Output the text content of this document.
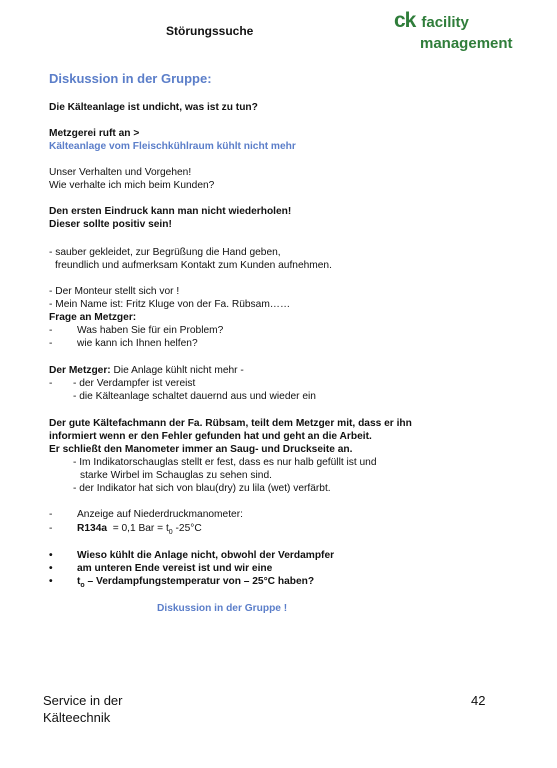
Störungssuche	ck facility
management
Diskussion in der Gruppe:
Die Kälteanlage ist undicht, was ist zu tun?
Metzgerei ruft an >
Kälteanlage vom Fleischkühlraum kühlt nicht mehr
Unser Verhalten und Vorgehen!
Wie verhalte ich mich beim Kunden?
Den ersten Eindruck kann man nicht wiederholen!
Dieser sollte positiv sein!
- sauber gekleidet, zur Begrüßung die Hand geben,
freundlich und aufmerksam Kontakt zum Kunden aufnehmen.
- Der Monteur stellt sich vor !
- Mein Name ist: Fritz Kluge von der Fa. Rübsam……
Frage an Metzger:
- Was haben Sie für ein Problem?
- wie kann ich Ihnen helfen?
Der Metzger: Die Anlage kühlt nicht mehr -
- - der Verdampfer ist vereist
- die Kälteanlage schaltet dauernd aus und wieder ein
Der gute Kältefachmann der Fa. Rübsam, teilt dem Metzger mit, dass er ihn
informiert wenn er den Fehler gefunden hat und geht an die Arbeit.
Er schließt den Manometer immer an Saug- und Druckseite an.
- Im Indikatorschauglas stellt er fest, dass es nur halb gefüllt ist und
starke Wirbel im Schauglas zu sehen sind.
- der Indikator hat sich von blau(dry) zu lila (wet) verfärbt.
- Anzeige auf Niederdruckmanometer:
- R134a = 0,1 Bar = $t_0$ -25°C
• Wieso kühlt die Anlage nicht, obwohl der Verdampfer
• am unteren Ende vereist ist und wir eine
• $t_o$ – Verdampfungstemperatur von – 25°C haben?
Diskussion in der Gruppe !
Service in der
Kälteechnik
42
